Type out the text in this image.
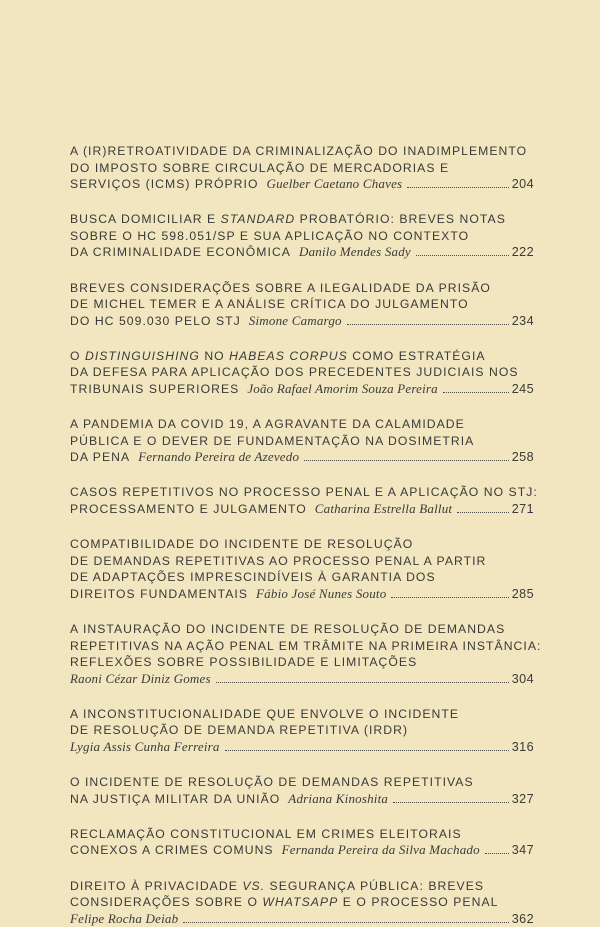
A (IR)RETROATIVIDADE DA CRIMINALIZAÇÃO DO INADIMPLEMENTO
DO IMPOSTO SOBRE CIRCULAÇÃO DE MERCADORIAS E
SERVIÇOS (ICMS) PRÓPRIO Guelber Caetano Chaves	204
BUSCA DOMICILIAR E STANDARD PROBATÓRIO: BREVES NOTAS
SOBRE O HC 598.051/SP E SUA APLICAÇÃO NO CONTEXTO
DA CRIMINALIDADE ECONÔMICA Danilo Mendes Sady	222
BREVES CONSIDERAÇÕES SOBRE A ILEGALIDADE DA PRISÃO
DE MICHEL TEMER E A ANÁLISE CRÍTICA DO JULGAMENTO
DO HC 509.030 PELO STJ Simone Camargo	234
O DISTINGUISHING NO HABEAS CORPUS COMO ESTRATÉGIA
DA DEFESA PARA APLICAÇÃO DOS PRECEDENTES JUDICIAIS NOS
TRIBUNAIS SUPERIORES João Rafael Amorim Souza Pereira	245
A PANDEMIA DA COVID 19, A AGRAVANTE DA CALAMIDADE
PÚBLICA E O DEVER DE FUNDAMENTAÇÃO NA DOSIMETRIA
DA PENA Fernando Pereira de Azevedo	258
CASOS REPETITIVOS NO PROCESSO PENAL E A APLICAÇÃO NO STJ:
PROCESSAMENTO E JULGAMENTO Catharina Estrella Ballut	271
COMPATIBILIDADE DO INCIDENTE DE RESOLUÇÃO
DE DEMANDAS REPETITIVAS AO PROCESSO PENAL A PARTIR
DE ADAPTAÇÕES IMPRESCINDÍVEIS À GARANTIA DOS
DIREITOS FUNDAMENTAIS Fábio José Nunes Souto	285
A INSTAURAÇÃO DO INCIDENTE DE RESOLUÇÃO DE DEMANDAS
REPETITIVAS NA AÇÃO PENAL EM TRÂMITE NA PRIMEIRA INSTÂNCIA:
REFLEXÕES SOBRE POSSIBILIDADE E LIMITAÇÕES
Raoni Cézar Diniz Gomes	304
A INCONSTITUCIONALIDADE QUE ENVOLVE O INCIDENTE
DE RESOLUÇÃO DE DEMANDA REPETITIVA (IRDR)
Lygia Assis Cunha Ferreira	316
O INCIDENTE DE RESOLUÇÃO DE DEMANDAS REPETITIVAS
NA JUSTIÇA MILITAR DA UNIÃO Adriana Kinoshita	327
RECLAMAÇÃO CONSTITUCIONAL EM CRIMES ELEITORAIS
CONEXOS A CRIMES COMUNS Fernanda Pereira da Silva Machado	347
DIREITO À PRIVACIDADE VS. SEGURANÇA PÚBLICA: BREVES
CONSIDERAÇÕES SOBRE O WHATSAPP E O PROCESSO PENAL
Felipe Rocha Deiab	362
